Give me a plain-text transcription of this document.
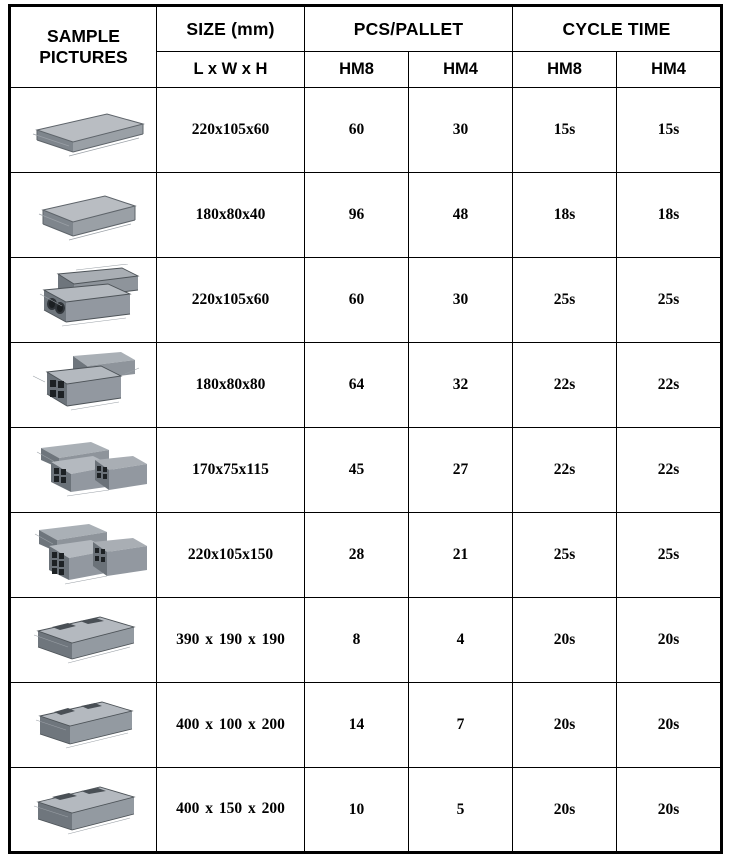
SAMPLE
PICTURES	SIZE (mm)	PCS/PALLET		CYCLE TIME	
	L x W x H	HM8	HM4	HM8	HM4

	220x105x60	60	30	15s	15s

	180x80x40	96	48	18s	18s

	220x105x60	60	30	25s	25s

	180x80x80	64	32	22s	22s

	170x75x115	45	27	22s	22s

	220x105x150	28	21	25s	25s

	390 x 190 x 190	8	4	20s	20s

	400 x 100 x 200	14	7	20s	20s

	400 x 150 x 200	10	5	20s	20s
